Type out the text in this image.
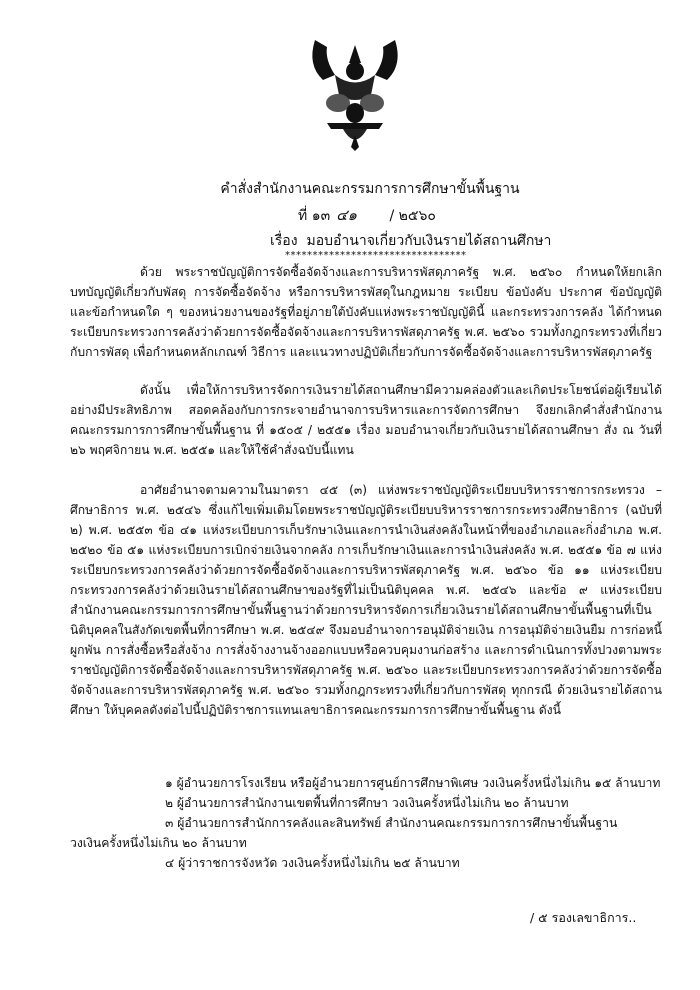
คำสั่งสำนักงานคณะกรรมการการศึกษาขั้นพื้นฐาน
ที่ ๑๓ ๔๑ / ๒๕๖๐
เรื่อง มอบอำนาจเกี่ยวกับเงินรายได้สถานศึกษา
*********************************

ด้วย พระราชบัญญัติการจัดซื้อจัดจ้างและการบริหารพัสดุภาครัฐ พ.ศ. ๒๕๖๐ กำหนดให้ยกเลิกบทบัญญัติเกี่ยวกับพัสดุ การจัดซื้อจัดจ้าง หรือการบริหารพัสดุในกฎหมาย ระเบียบ ข้อบังคับ ประกาศ ข้อบัญญัติ และข้อกำหนดใด ๆ ของหน่วยงานของรัฐที่อยู่ภายใต้บังคับแห่งพระราชบัญญัตินี้ และกระทรวงการคลัง ได้กำหนดระเบียบกระทรวงการคลังว่าด้วยการจัดซื้อจัดจ้างและการบริหารพัสดุภาครัฐ พ.ศ. ๒๕๖๐ รวมทั้งกฎกระทรวงที่เกี่ยวกับการพัสดุ เพื่อกำหนดหลักเกณฑ์ วิธีการ และแนวทางปฏิบัติเกี่ยวกับการจัดซื้อจัดจ้างและการบริหารพัสดุภาครัฐ

ดังนั้น เพื่อให้การบริหารจัดการเงินรายได้สถานศึกษามีความคล่องตัวและเกิดประโยชน์ต่อผู้เรียนได้อย่างมีประสิทธิภาพ สอดคล้องกับการกระจายอำนาจการบริหารและการจัดการศึกษา จึงยกเลิกคำสั่งสำนักงานคณะกรรมการการศึกษาขั้นพื้นฐาน ที่ ๑๕๐๕ / ๒๕๕๑ เรื่อง มอบอำนาจเกี่ยวกับเงินรายได้สถานศึกษา สั่ง ณ วันที่ ๒๖ พฤศจิกายน พ.ศ. ๒๕๕๑ และให้ใช้คำสั่งฉบับนี้แทน

อาศัยอำนาจตามความในมาตรา ๔๕ (๓) แห่งพระราชบัญญัติระเบียบบริหารราชการกระทรวง – ศึกษาธิการ พ.ศ. ๒๕๔๖ ซึ่งแก้ไขเพิ่มเติมโดยพระราชบัญญัติระเบียบบริหารราชการกระทรวงศึกษาธิการ (ฉบับที่ ๒) พ.ศ. ๒๕๕๓ ข้อ ๔๑ แห่งระเบียบการเก็บรักษาเงินและการนำเงินส่งคลังในหน้าที่ของอำเภอและกิ่งอำเภอ พ.ศ. ๒๕๒๐ ข้อ ๕๑ แห่งระเบียบการเบิกจ่ายเงินจากคลัง การเก็บรักษาเงินและการนำเงินส่งคลัง พ.ศ. ๒๕๕๑ ข้อ ๗ แห่งระเบียบกระทรวงการคลังว่าด้วยการจัดซื้อจัดจ้างและการบริหารพัสดุภาครัฐ พ.ศ. ๒๕๖๐ ข้อ ๑๑ แห่งระเบียบกระทรวงการคลังว่าด้วยเงินรายได้สถานศึกษาของรัฐที่ไม่เป็นนิติบุคคล พ.ศ. ๒๕๔๖ และข้อ ๙ แห่งระเบียบสำนักงานคณะกรรมการการศึกษาขั้นพื้นฐานว่าด้วยการบริหารจัดการเกี่ยวเงินรายได้สถานศึกษาขั้นพื้นฐานที่เป็นนิติบุคคลในสังกัดเขตพื้นที่การศึกษา พ.ศ. ๒๕๔๙ จึงมอบอำนาจการอนุมัติจ่ายเงิน การอนุมัติจ่ายเงินยืม การก่อหนี้ผูกพัน การสั่งซื้อหรือสั่งจ้าง การสั่งจ้างงานจ้างออกแบบหรือควบคุมงานก่อสร้าง และการดำเนินการทั้งปวงตามพระราชบัญญัติการจัดซื้อจัดจ้างและการบริหารพัสดุภาครัฐ พ.ศ. ๒๕๖๐ และระเบียบกระทรวงการคลังว่าด้วยการจัดซื้อจัดจ้างและการบริหารพัสดุภาครัฐ พ.ศ. ๒๕๖๐ รวมทั้งกฎกระทรวงที่เกี่ยวกับการพัสดุ ทุกกรณี ด้วยเงินรายได้สถานศึกษา ให้บุคคลดังต่อไปนี้ปฏิบัติราชการแทนเลขาธิการคณะกรรมการการศึกษาขั้นพื้นฐาน ดังนี้

๑ ผู้อำนวยการโรงเรียน หรือผู้อำนวยการศูนย์การศึกษาพิเศษ วงเงินครั้งหนึ่งไม่เกิน ๑๕ ล้านบาท

๒ ผู้อำนวยการสำนักงานเขตพื้นที่การศึกษา วงเงินครั้งหนึ่งไม่เกิน ๒๐ ล้านบาท

๓ ผู้อำนวยการสำนักการคลังและสินทรัพย์ สำนักงานคณะกรรมการการศึกษาขั้นพื้นฐาน

วงเงินครั้งหนึ่งไม่เกิน ๒๐ ล้านบาท

๔ ผู้ว่าราชการจังหวัด วงเงินครั้งหนึ่งไม่เกิน ๒๕ ล้านบาท

/ ๕ รองเลขาธิการ..
